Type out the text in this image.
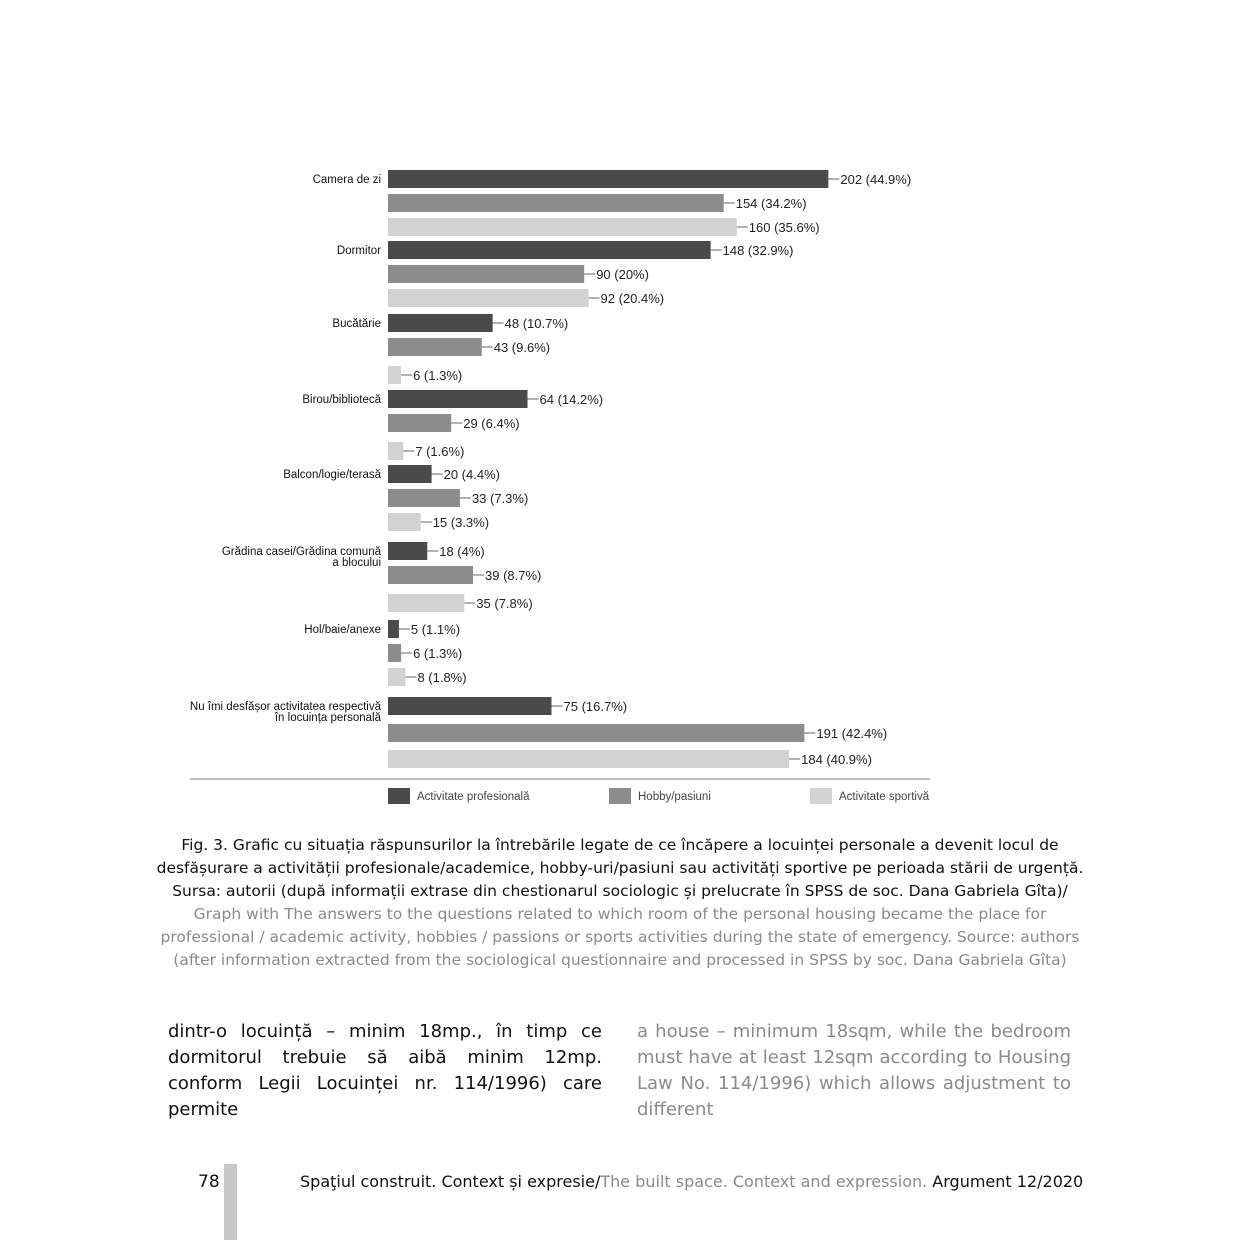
Camera de zi	202 (44.9%)
154 (34.2%)
160 (35.6%)
Dormitor	148 (32.9%)
90 (20%)
92 (20.4%)
Bucătărie	48 (10.7%)
43 (9.6%)
6 (1.3%)
Birou/bibliotecă	64 (14.2%)
29 (6.4%)
7 (1.6%)
Balcon/logie/terasă	20 (4.4%)
33 (7.3%)
15 (3.3%)
Grădina casei/Grădina comună
a blocului
18 (4%)
39 (8.7%)
35 (7.8%)
Hol/baie/anexe 5 (1.1%)
6 (1.3%)
8 (1.8%)
Nu îmi desfășor activitatea respectivă
în locuința personală
75 (16.7%)
191 (42.4%)
184 (40.9%)
Activitate profesională	Hobby/pasiuni	Activitate sportivă
Fig. 3. Grafic cu situația răspunsurilor la întrebările legate de ce încăpere a locuinței personale a devenit locul de desfășurare a activității profesionale/academice, hobby-uri/pasiuni sau activități sportive pe perioada stării de urgență. Sursa: autorii (după informații extrase din chestionarul sociologic și prelucrate în SPSS de soc. Dana Gabriela Gîta)/ Graph with The answers to the questions related to which room of the personal housing became the place for professional / academic activity, hobbies / passions or sports activities during the state of emergency. Source: authors (after information extracted from the sociological questionnaire and processed in SPSS by soc. Dana Gabriela Gîta)
dintr-o locuință – minim 18mp., în timp ce dormitorul trebuie să aibă minim 12mp. conform Legii Locuinței nr. 114/1996) care permite
a house – minimum 18sqm, while the bedroom must have at least 12sqm according to Housing Law No. 114/1996) which allows adjustment to different
78	Spaţiul construit. Context și expresie/The built space. Context and expression. Argument 12/2020
